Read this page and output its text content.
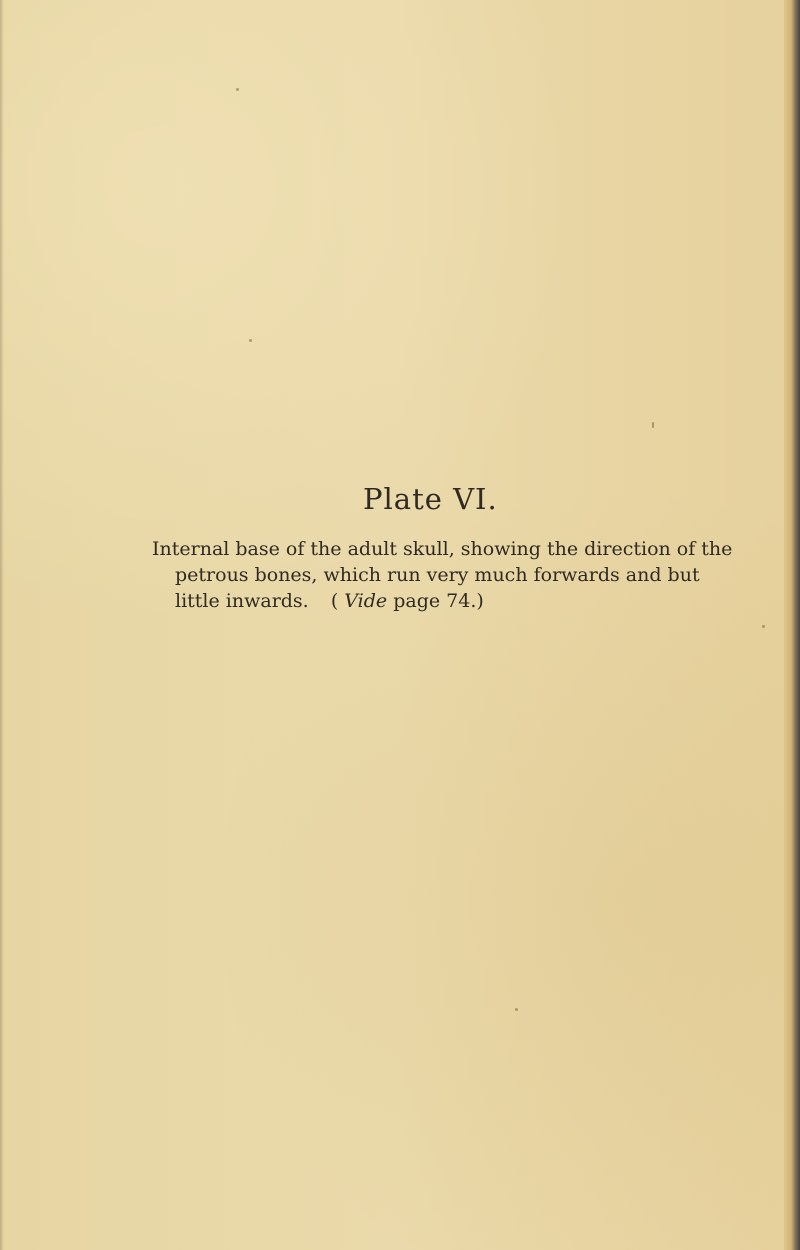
Plate VI.
Internal base of the adult skull, showing the direction of the
petrous bones, which run very much forwards and but
little inwards. ( Vide page 74.)
